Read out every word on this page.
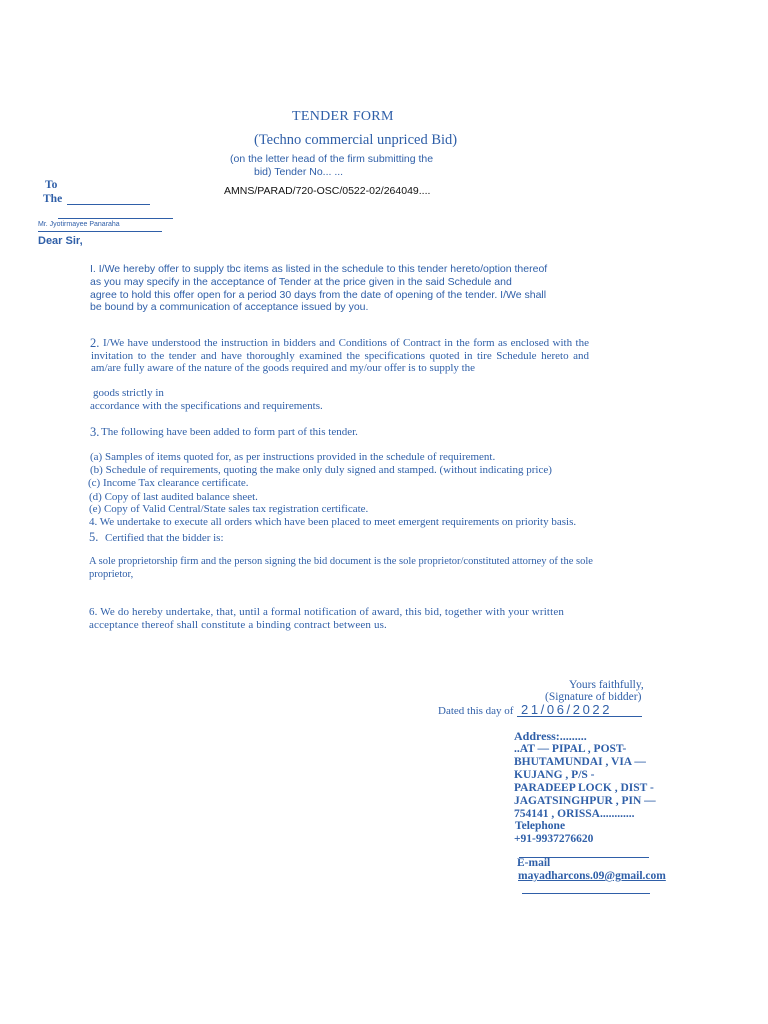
TENDER FORM
(Techno commercial unpriced Bid)
(on the letter head of the firm submitting the
bid) Tender No... ...
AMNS/PARAD/720-OSC/0522-02/264049....
To
The
Mr. Jyotirmayee Panaraha
Dear Sir,
I. I/We hereby offer to supply tbc items as listed in the schedule to this tender hereto/option thereof
as you may specify in the acceptance of Tender at the price given in the said Schedule and
agree to hold this offer open for a period 30 days from the date of opening of the tender. I/We shall
be bound by a communication of acceptance issued by you.
2. I/We have understood the instruction in bidders and Conditions of Contract in the form as enclosed with the invitation to the tender and have thoroughly examined the specifications quoted in tire Schedule hereto and am/are fully aware of the nature of the goods required and my/our offer is to supply the
goods strictly in
accordance with the specifications and requirements.
3. The following have been added to form part of this tender.
(a) Samples of items quoted for, as per instructions provided in the schedule of requirement.
(b) Schedule of requirements, quoting the make only duly signed and stamped. (without indicating price)
(c) Income Tax clearance certificate.
(d) Copy of last audited balance sheet.
(e) Copy of Valid Central/State sales tax registration certificate.
4. We undertake to execute all orders which have been placed to meet emergent requirements on priority basis.
5. Certified that the bidder is:
A sole proprietorship firm and the person signing the bid document is the sole proprietor/constituted attorney of the sole
proprietor,
6. We do hereby undertake, that, until a formal notification of award, this bid, together with your written
acceptance thereof shall constitute a binding contract between us.
Yours faithfully,
(Signature of bidder)
Dated this day of 21/06/2022
Address:.........
..AT — PIPAL , POST-
BHUTAMUNDAI , VIA —
KUJANG , P/S -
PARADEEP LOCK , DIST -
JAGATSINGHPUR , PIN —
754141 , ORISSA............
Telephone
+91-9937276620
E-mail
mayadharcons.09@gmail.com
